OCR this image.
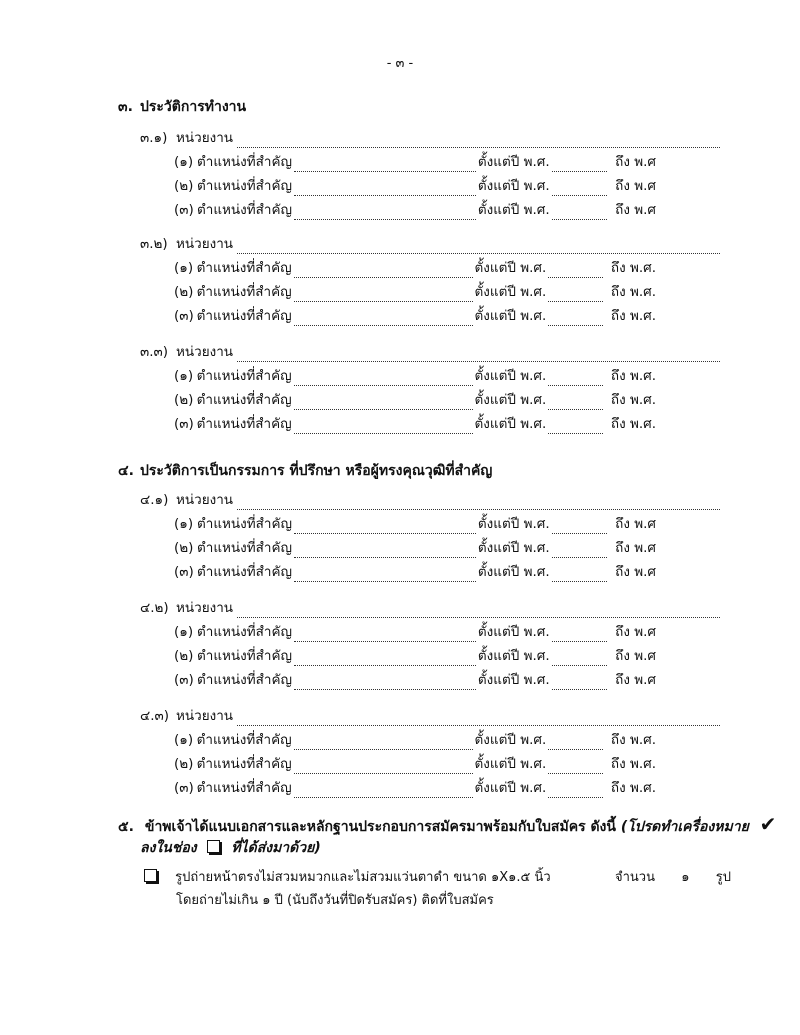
- ๓ -
๓. ประวัติการทำงาน
๓.๑) หน่วยงาน
(๑) ตำแหน่งที่สำคัญ	ตั้งแต่ปี พ.ศ.	ถึง พ.ศ
(๒) ตำแหน่งที่สำคัญ	ตั้งแต่ปี พ.ศ.	ถึง พ.ศ
(๓) ตำแหน่งที่สำคัญ	ตั้งแต่ปี พ.ศ.	ถึง พ.ศ
๓.๒) หน่วยงาน
(๑) ตำแหน่งที่สำคัญ	ตั้งแต่ปี พ.ศ.	ถึง พ.ศ.
(๒) ตำแหน่งที่สำคัญ	ตั้งแต่ปี พ.ศ.	ถึง พ.ศ.
(๓) ตำแหน่งที่สำคัญ	ตั้งแต่ปี พ.ศ.	ถึง พ.ศ.
๓.๓) หน่วยงาน
(๑) ตำแหน่งที่สำคัญ	ตั้งแต่ปี พ.ศ.	ถึง พ.ศ.
(๒) ตำแหน่งที่สำคัญ	ตั้งแต่ปี พ.ศ.	ถึง พ.ศ.
(๓) ตำแหน่งที่สำคัญ	ตั้งแต่ปี พ.ศ.	ถึง พ.ศ.
๔. ประวัติการเป็นกรรมการ ที่ปรึกษา หรือผู้ทรงคุณวุฒิที่สำคัญ
๔.๑) หน่วยงาน
(๑) ตำแหน่งที่สำคัญ	ตั้งแต่ปี พ.ศ.	ถึง พ.ศ
(๒) ตำแหน่งที่สำคัญ	ตั้งแต่ปี พ.ศ.	ถึง พ.ศ
(๓) ตำแหน่งที่สำคัญ	ตั้งแต่ปี พ.ศ.	ถึง พ.ศ
๔.๒) หน่วยงาน
(๑) ตำแหน่งที่สำคัญ	ตั้งแต่ปี พ.ศ.	ถึง พ.ศ
(๒) ตำแหน่งที่สำคัญ	ตั้งแต่ปี พ.ศ.	ถึง พ.ศ
(๓) ตำแหน่งที่สำคัญ	ตั้งแต่ปี พ.ศ.	ถึง พ.ศ
๔.๓) หน่วยงาน
(๑) ตำแหน่งที่สำคัญ	ตั้งแต่ปี พ.ศ.	ถึง พ.ศ.
(๒) ตำแหน่งที่สำคัญ	ตั้งแต่ปี พ.ศ.	ถึง พ.ศ.
(๓) ตำแหน่งที่สำคัญ	ตั้งแต่ปี พ.ศ.	ถึง พ.ศ.
๕. ข้าพเจ้าได้แนบเอกสารและหลักฐานประกอบการสมัครมาพร้อมกับใบสมัคร ดังนี้ (โปรดทำเครื่องหมาย ✔
ลงในช่อง ที่ได้ส่งมาด้วย)
รูปถ่ายหน้าตรงไม่สวมหมวกและไม่สวมแว่นตาดำ ขนาด ๑X๑.๕ นิ้ว	จำนวน ๑ รูป
โดยถ่ายไม่เกิน ๑ ปี (นับถึงวันที่ปิดรับสมัคร) ติดที่ใบสมัคร
